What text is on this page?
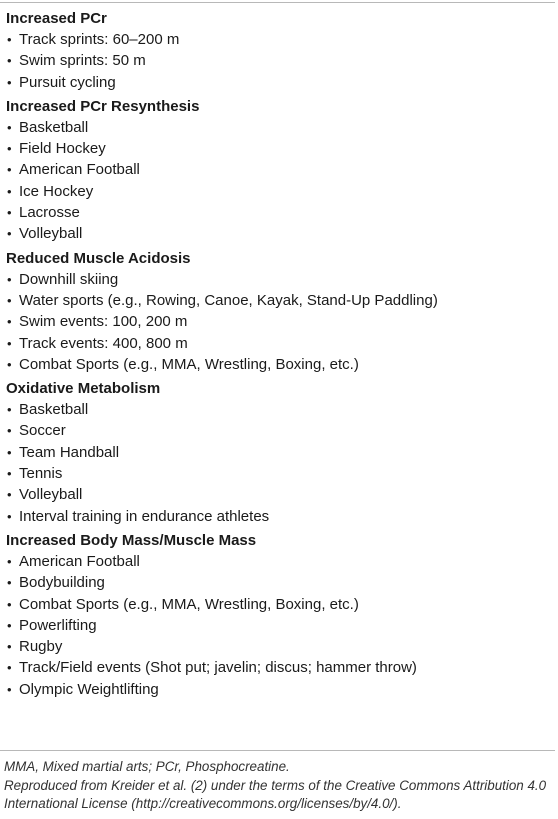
Increased PCr
• Track sprints: 60–200 m
• Swim sprints: 50 m
• Pursuit cycling
Increased PCr Resynthesis
• Basketball
• Field Hockey
• American Football
• Ice Hockey
• Lacrosse
• Volleyball
Reduced Muscle Acidosis
• Downhill skiing
• Water sports (e.g., Rowing, Canoe, Kayak, Stand-Up Paddling)
• Swim events: 100, 200 m
• Track events: 400, 800 m
• Combat Sports (e.g., MMA, Wrestling, Boxing, etc.)
Oxidative Metabolism
• Basketball
• Soccer
• Team Handball
• Tennis
• Volleyball
• Interval training in endurance athletes
Increased Body Mass/Muscle Mass
• American Football
• Bodybuilding
• Combat Sports (e.g., MMA, Wrestling, Boxing, etc.)
• Powerlifting
• Rugby
• Track/Field events (Shot put; javelin; discus; hammer throw)
• Olympic Weightlifting

MMA, Mixed martial arts; PCr, Phosphocreatine.

Reproduced from Kreider et al. (2) under the terms of the Creative Commons Attribution 4.0 International License (http://creativecommons.org/licenses/by/4.0/).
